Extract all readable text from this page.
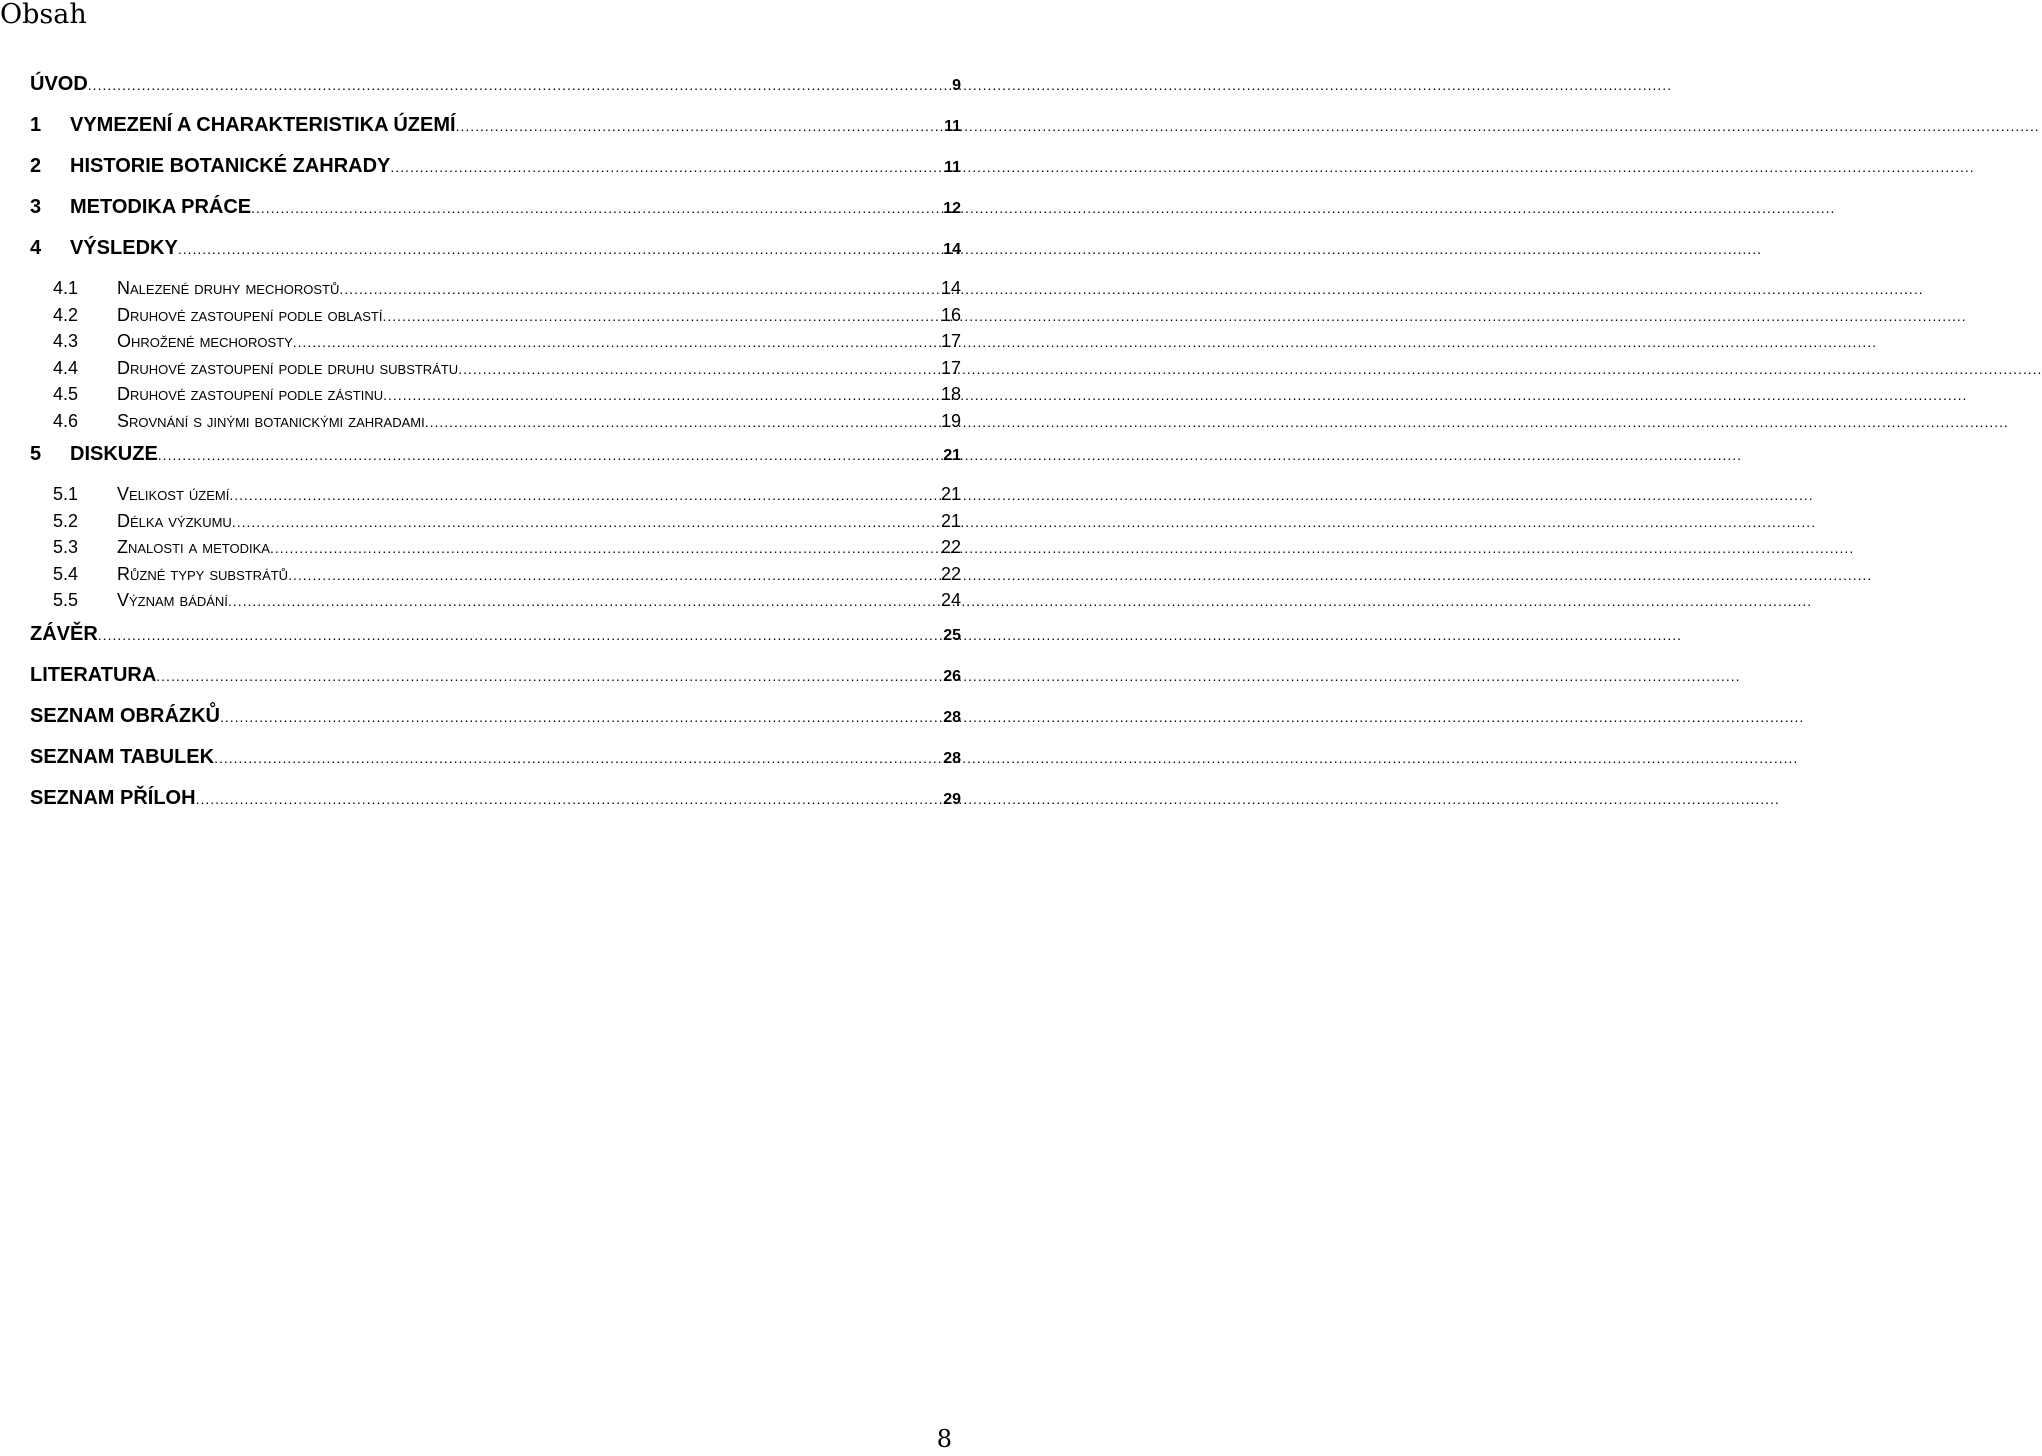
Obsah
ÚVOD .....	9
1	VYMEZENÍ A CHARAKTERISTIKA ÚZEMÍ .....	11
2	HISTORIE BOTANICKÉ ZAHRADY .....	11
3	METODIKA PRÁCE .....	12
4	VÝSLEDKY .....	14
4.1	nalezené druhy mechorostů .....	14
4.2	druhové zastoupení podle oblastí .....	16
4.3	ohrožené mechorosty .....	17
4.4	druhové zastoupení podle druhu substrátu .....	17
4.5	druhové zastoupení podle zástinu .....	18
4.6	srovnání s jinými botanickými zahradami .....	19
5	DISKUZE .....	21
5.1	velikost území .....	21
5.2	délka výzkumu .....	21
5.3	znalosti a metodika .....	22
5.4	různé typy substrátů .....	22
5.5	význam bádání .....	24
ZÁVĚR .....	25
LITERATURA .....	26
SEZNAM OBRÁZKŮ .....	28
SEZNAM TABULEK .....	28
SEZNAM PŘÍLOH .....	29
8
